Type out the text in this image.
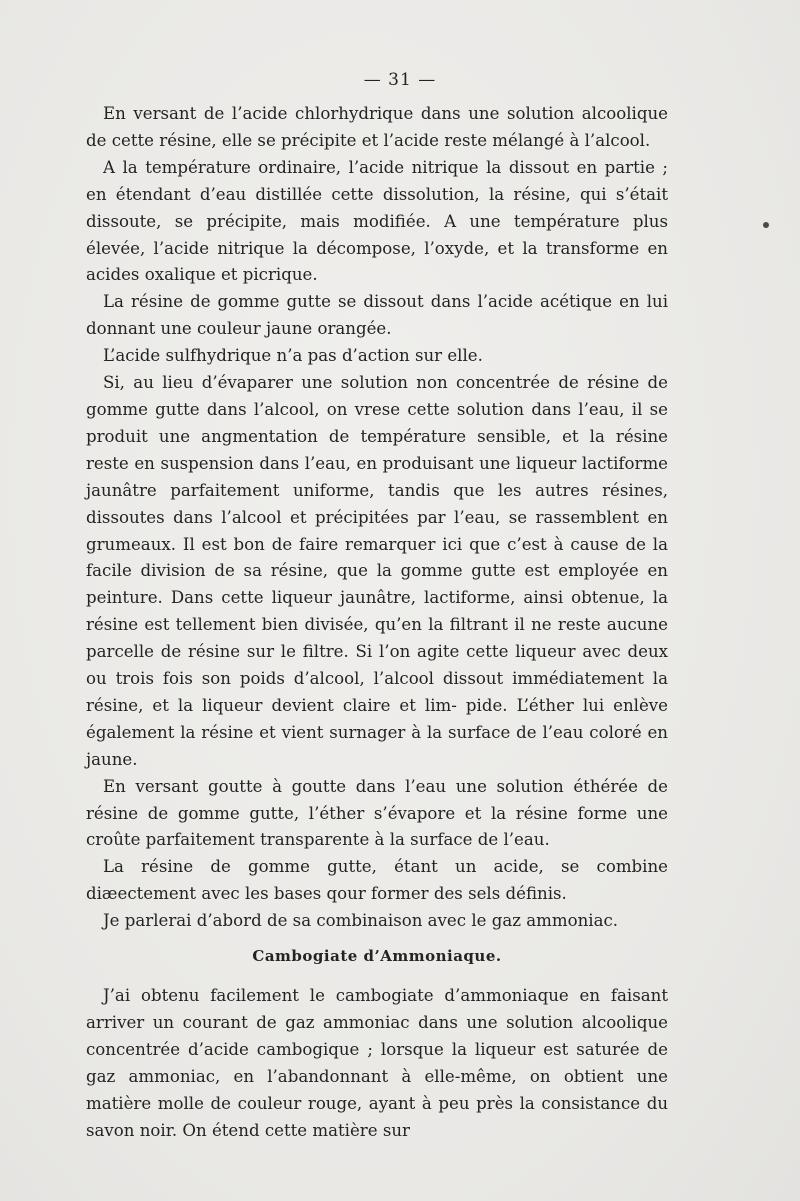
— 31 —

En versant de l’acide chlorhydrique dans une solution alcoolique de cette résine, elle se précipite et l’acide reste mélangé à l’alcool.

A la température ordinaire, l’acide nitrique la dissout en partie ; en étendant d’eau distillée cette dissolution, la résine, qui s’était dissoute, se précipite, mais modifiée. A une température plus élevée, l’acide nitrique la décompose, l’oxyde, et la transforme en acides oxalique et picrique.

La résine de gomme gutte se dissout dans l’acide acétique en lui donnant une couleur jaune orangée.

L’acide sulfhydrique n’a pas d’action sur elle.

Si, au lieu d’évaparer une solution non concentrée de résine de gomme gutte dans l’alcool, on vrese cette solution dans l’eau, il se produit une angmentation de température sensible, et la résine reste en suspension dans l’eau, en produisant une liqueur lactiforme jaunâtre parfaitement uniforme, tandis que les autres résines, dissoutes dans l’alcool et précipitées par l’eau, se rassemblent en grumeaux. Il est bon de faire remarquer ici que c’est à cause de la facile division de sa résine, que la gomme gutte est employée en peinture. Dans cette liqueur jaunâtre, lactiforme, ainsi obtenue, la résine est tellement bien divisée, qu’en la filtrant il ne reste aucune parcelle de résine sur le filtre. Si l’on agite cette liqueur avec deux ou trois fois son poids d’alcool, l’alcool dissout immédiatement la résine, et la liqueur devient claire et lim- pide. L’éther lui enlève également la résine et vient surnager à la surface de l’eau coloré en jaune.

En versant goutte à goutte dans l’eau une solution éthérée de résine de gomme gutte, l’éther s’évapore et la résine forme une croûte parfaitement transparente à la surface de l’eau.

La résine de gomme gutte, étant un acide, se combine diæectement avec les bases qour former des sels définis.

Je parlerai d’abord de sa combinaison avec le gaz ammoniac.

Cambogiate d’Ammoniaque.

J’ai obtenu facilement le cambogiate d’ammoniaque en faisant arriver un courant de gaz ammoniac dans une solution alcoolique concentrée d’acide cambogique ; lorsque la liqueur est saturée de gaz ammoniac, en l’abandonnant à elle-même, on obtient une matière molle de couleur rouge, ayant à peu près la consistance du savon noir. On étend cette matière sur
